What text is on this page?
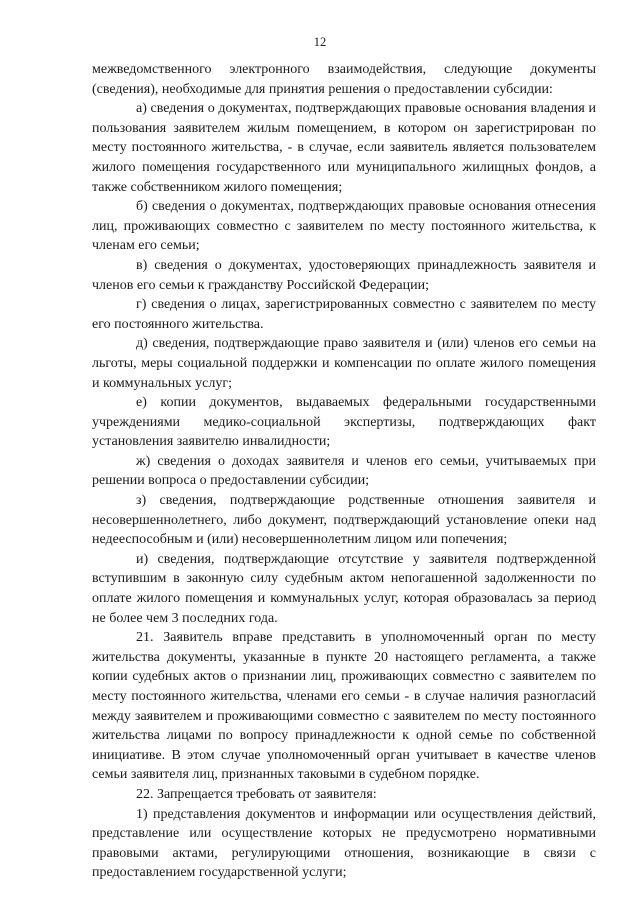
12

межведомственного электронного взаимодействия, следующие документы (сведения), необходимые для принятия решения о предоставлении субсидии:

а) сведения о документах, подтверждающих правовые основания владения и пользования заявителем жилым помещением, в котором он зарегистрирован по месту постоянного жительства, - в случае, если заявитель является пользователем жилого помещения государственного или муниципального жилищных фондов, а также собственником жилого помещения;

б) сведения о документах, подтверждающих правовые основания отнесения лиц, проживающих совместно с заявителем по месту постоянного жительства, к членам его семьи;

в) сведения о документах, удостоверяющих принадлежность заявителя и членов его семьи к гражданству Российской Федерации;

г) сведения о лицах, зарегистрированных совместно с заявителем по месту его постоянного жительства.

д) сведения, подтверждающие право заявителя и (или) членов его семьи на льготы, меры социальной поддержки и компенсации по оплате жилого помещения и коммунальных услуг;

е) копии документов, выдаваемых федеральными государственными учреждениями медико-социальной экспертизы, подтверждающих факт установления заявителю инвалидности;

ж) сведения о доходах заявителя и членов его семьи, учитываемых при решении вопроса о предоставлении субсидии;

з) сведения, подтверждающие родственные отношения заявителя и несовершеннолетнего, либо документ, подтверждающий установление опеки над недееспособным и (или) несовершеннолетним лицом или попечения;

и) сведения, подтверждающие отсутствие у заявителя подтвержденной вступившим в законную силу судебным актом непогашенной задолженности по оплате жилого помещения и коммунальных услуг, которая образовалась за период не более чем 3 последних года.

21. Заявитель вправе представить в уполномоченный орган по месту жительства документы, указанные в пункте 20 настоящего регламента, а также копии судебных актов о признании лиц, проживающих совместно с заявителем по месту постоянного жительства, членами его семьи - в случае наличия разногласий между заявителем и проживающими совместно с заявителем по месту постоянного жительства лицами по вопросу принадлежности к одной семье по собственной инициативе. В этом случае уполномоченный орган учитывает в качестве членов семьи заявителя лиц, признанных таковыми в судебном порядке.

22. Запрещается требовать от заявителя:

1) представления документов и информации или осуществления действий, представление или осуществление которых не предусмотрено нормативными правовыми актами, регулирующими отношения, возникающие в связи с предоставлением государственной услуги;
